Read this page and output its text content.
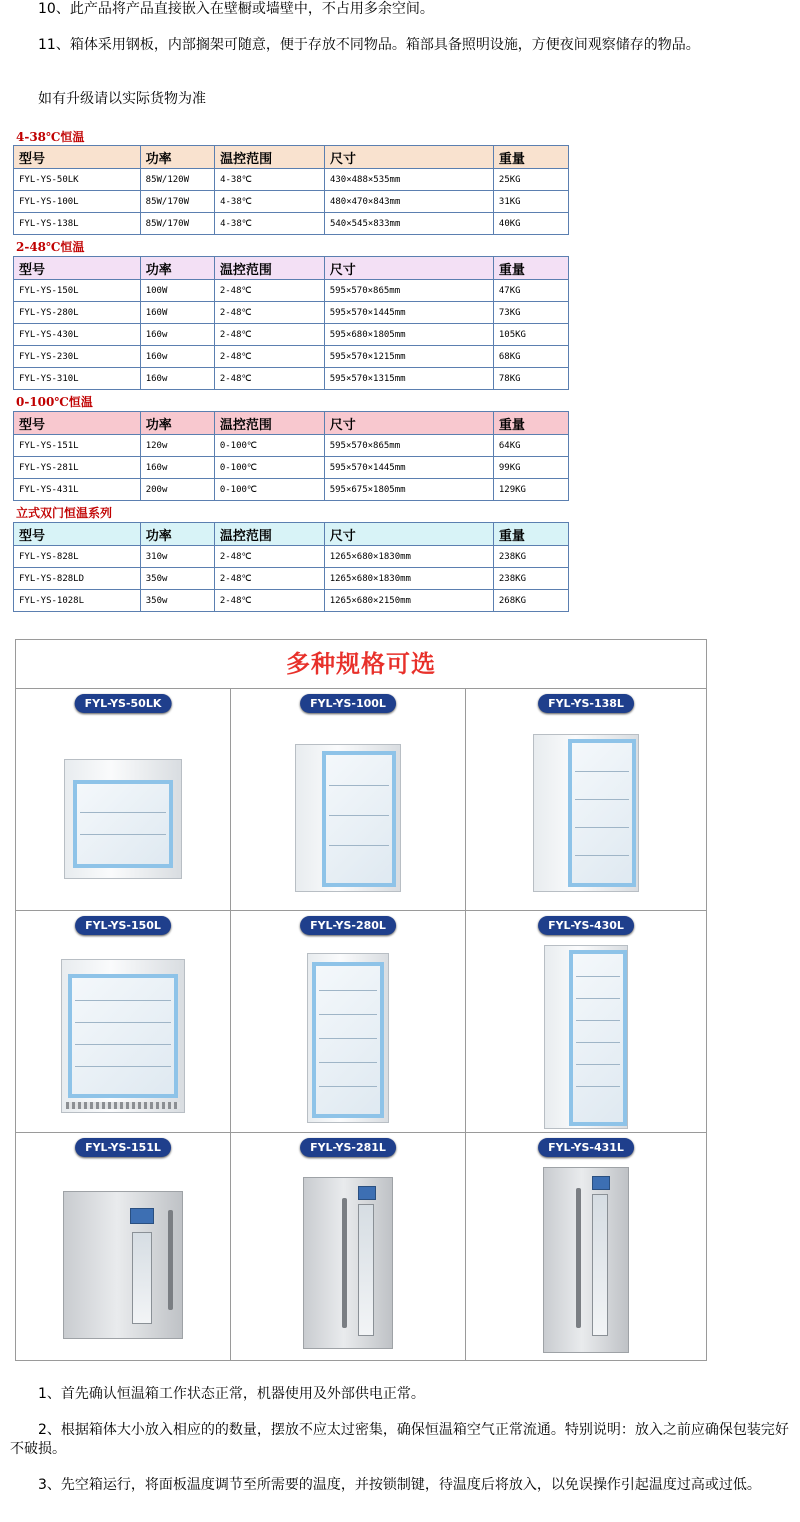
10、此产品将产品直接嵌入在壁橱或墙壁中，不占用多余空间。
11、箱体采用钢板，内部搁架可随意，便于存放不同物品。箱部具备照明设施，方便夜间观察储存的物品。
如有升级请以实际货物为准
4-38℃恒温
型号	功率	温控范围	尺寸	重量
FYL-YS-50LK	85W/120W	4-38℃	430×488×535mm	25KG
FYL-YS-100L	85W/170W	4-38℃	480×470×843mm	31KG
FYL-YS-138L	85W/170W	4-38℃	540×545×833mm	40KG
2-48℃恒温
型号	功率	温控范围	尺寸	重量
FYL-YS-150L	100W	2-48℃	595×570×865mm	47KG
FYL-YS-280L	160W	2-48℃	595×570×1445mm	73KG
FYL-YS-430L	160w	2-48℃	595×680×1805mm	105KG
FYL-YS-230L	160w	2-48℃	595×570×1215mm	68KG
FYL-YS-310L	160w	2-48℃	595×570×1315mm	78KG
0-100℃恒温
型号	功率	温控范围	尺寸	重量
FYL-YS-151L	120w	0-100℃	595×570×865mm	64KG
FYL-YS-281L	160w	0-100℃	595×570×1445mm	99KG
FYL-YS-431L	200w	0-100℃	595×675×1805mm	129KG
立式双门恒温系列
型号	功率	温控范围	尺寸	重量
FYL-YS-828L	310w	2-48℃	1265×680×1830mm	238KG
FYL-YS-828LD	350w	2-48℃	1265×680×1830mm	238KG
FYL-YS-1028L	350w	2-48℃	1265×680×2150mm	268KG
多种规格可选
FYL-YS-50LK	FYL-YS-100L	FYL-YS-138L
FYL-YS-150L	FYL-YS-280L	FYL-YS-430L
FYL-YS-151L	FYL-YS-281L	FYL-YS-431L
1、首先确认恒温箱工作状态正常，机器使用及外部供电正常。
2、根据箱体大小放入相应的的数量，摆放不应太过密集，确保恒温箱空气正常流通。特别说明：放入之前应确保包装完好不破损。
3、先空箱运行，将面板温度调节至所需要的温度，并按锁制键，待温度后将放入，以免误操作引起温度过高或过低。
